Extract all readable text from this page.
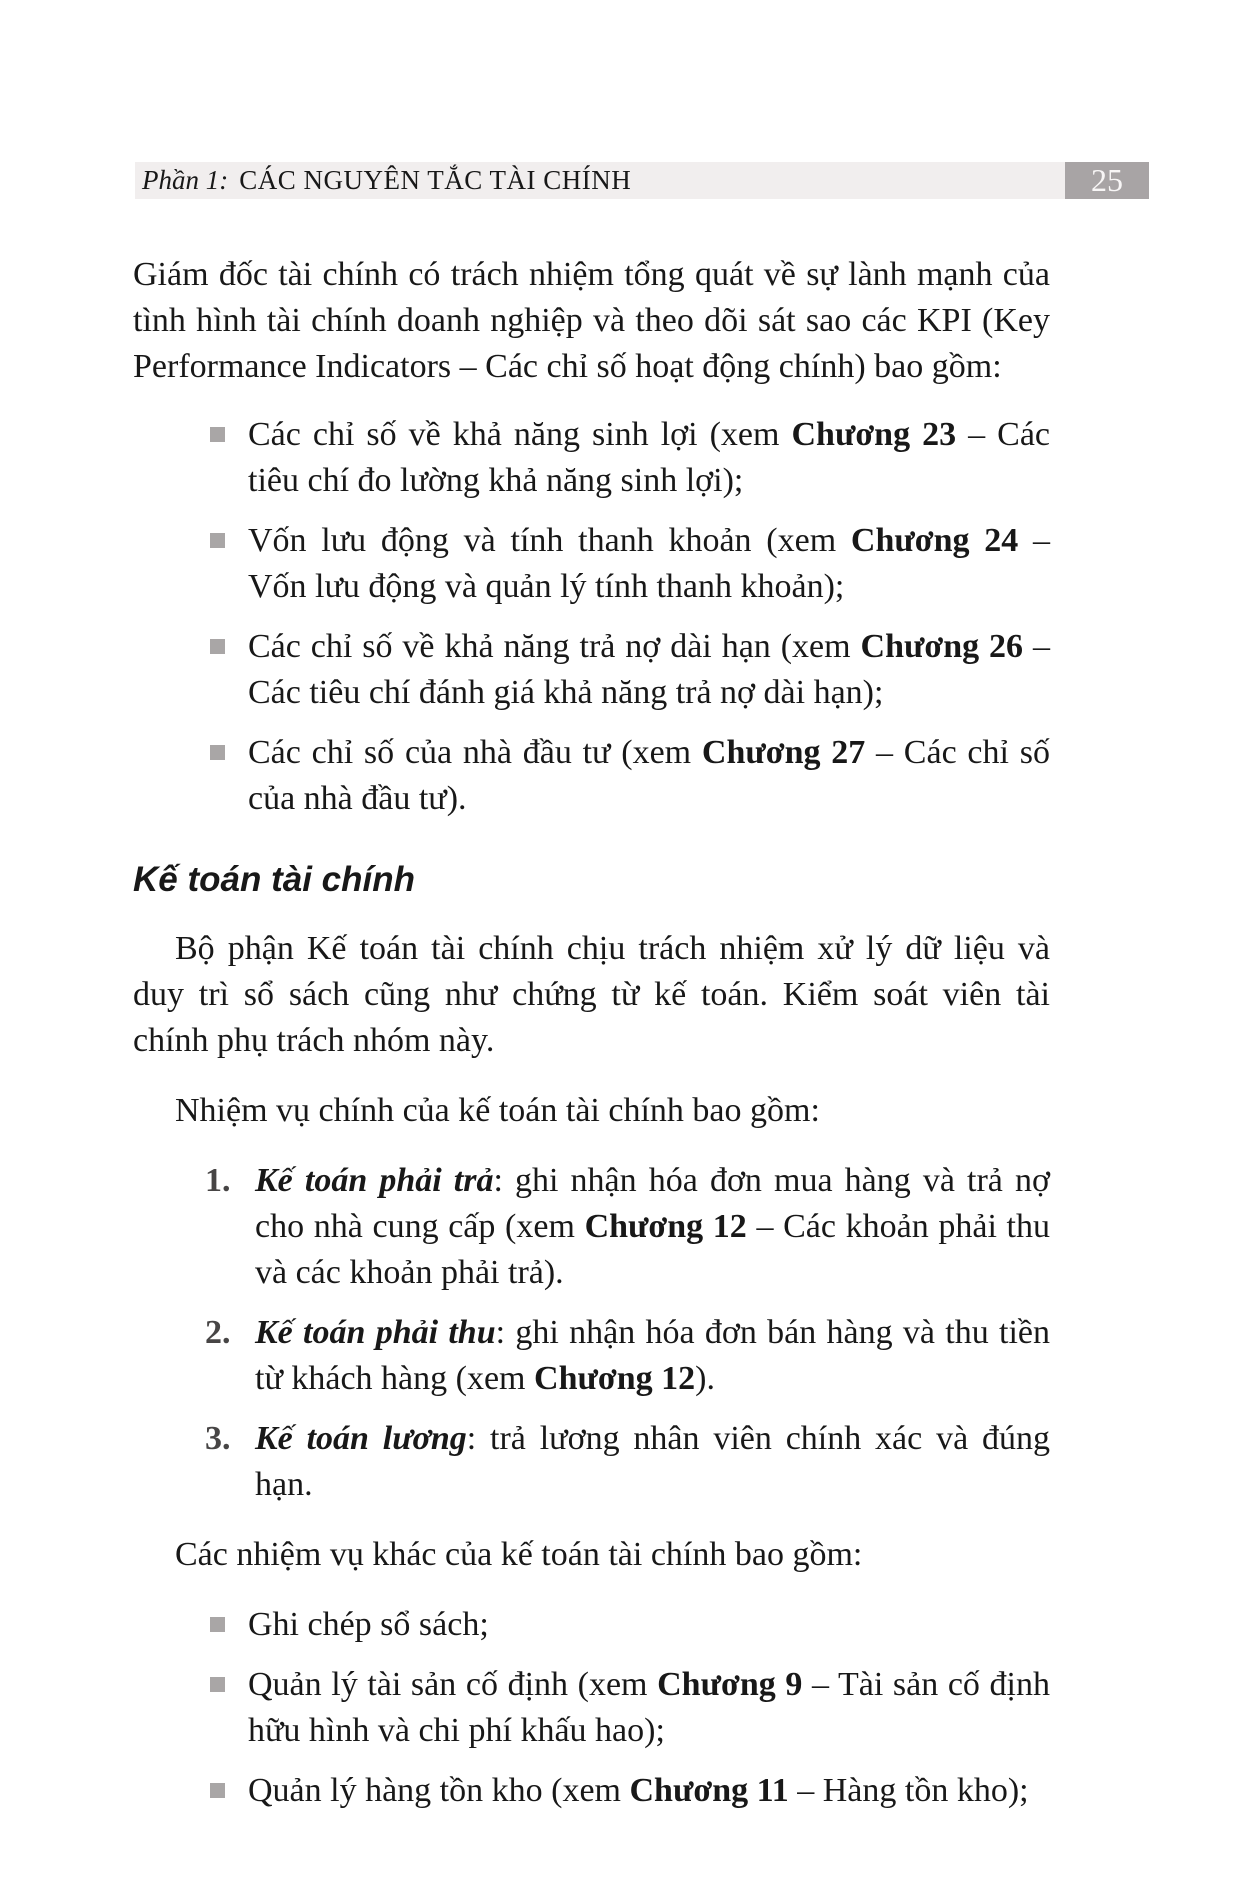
Phần 1: CÁC NGUYÊN TẮC TÀI CHÍNH	25

Giám đốc tài chính có trách nhiệm tổng quát về sự lành mạnh của tình hình tài chính doanh nghiệp và theo dõi sát sao các KPI (Key Performance Indicators – Các chỉ số hoạt động chính) bao gồm:

Các chỉ số về khả năng sinh lợi (xem Chương 23 – Các tiêu chí đo lường khả năng sinh lợi);
Vốn lưu động và tính thanh khoản (xem Chương 24 – Vốn lưu động và quản lý tính thanh khoản);
Các chỉ số về khả năng trả nợ dài hạn (xem Chương 26 – Các tiêu chí đánh giá khả năng trả nợ dài hạn);
Các chỉ số của nhà đầu tư (xem Chương 27 – Các chỉ số của nhà đầu tư).
Kế toán tài chính

Bộ phận Kế toán tài chính chịu trách nhiệm xử lý dữ liệu và duy trì sổ sách cũng như chứng từ kế toán. Kiểm soát viên tài chính phụ trách nhóm này.

Nhiệm vụ chính của kế toán tài chính bao gồm:

1. Kế toán phải trả: ghi nhận hóa đơn mua hàng và trả nợ cho nhà cung cấp (xem Chương 12 – Các khoản phải thu và các khoản phải trả).
2. Kế toán phải thu: ghi nhận hóa đơn bán hàng và thu tiền từ khách hàng (xem Chương 12).
3. Kế toán lương: trả lương nhân viên chính xác và đúng hạn.

Các nhiệm vụ khác của kế toán tài chính bao gồm:

Ghi chép sổ sách;
Quản lý tài sản cố định (xem Chương 9 – Tài sản cố định hữu hình và chi phí khấu hao);
Quản lý hàng tồn kho (xem Chương 11 – Hàng tồn kho);
